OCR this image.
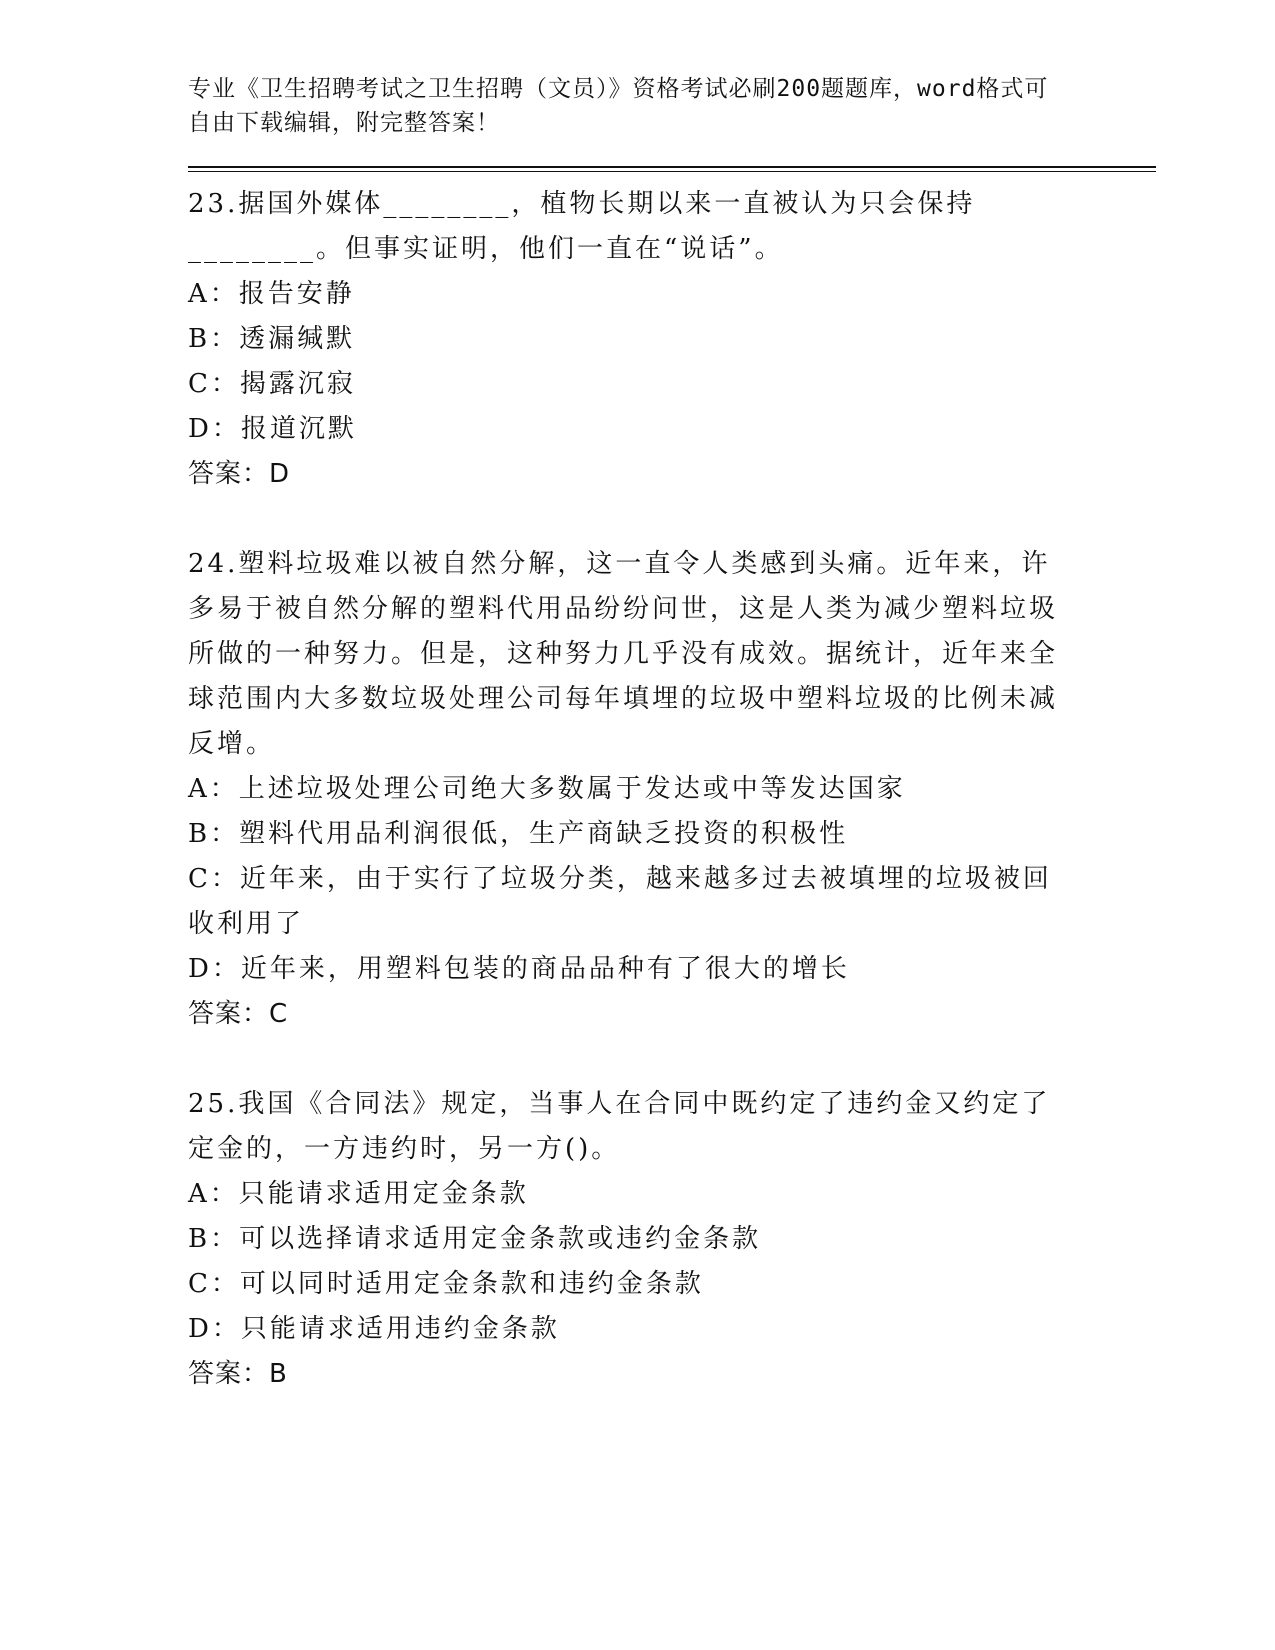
专业《卫生招聘考试之卫生招聘（文员）》资格考试必刷200题题库，word格式可自由下载编辑，附完整答案！

23.据国外媒体________，植物长期以来一直被认为只会保持________。但事实证明，他们一直在“说话”。

A：报告安静

B：透漏缄默

C：揭露沉寂

D：报道沉默

答案：D

24.塑料垃圾难以被自然分解，这一直令人类感到头痛。近年来，许多易于被自然分解的塑料代用品纷纷问世，这是人类为减少塑料垃圾所做的一种努力。但是，这种努力几乎没有成效。据统计，近年来全球范围内大多数垃圾处理公司每年填埋的垃圾中塑料垃圾的比例未减反增。

A：上述垃圾处理公司绝大多数属于发达或中等发达国家

B：塑料代用品利润很低，生产商缺乏投资的积极性

C：近年来，由于实行了垃圾分类，越来越多过去被填埋的垃圾被回收利用了

D：近年来，用塑料包装的商品品种有了很大的增长

答案：C

25.我国《合同法》规定，当事人在合同中既约定了违约金又约定了定金的，一方违约时，另一方()。

A：只能请求适用定金条款

B：可以选择请求适用定金条款或违约金条款

C：可以同时适用定金条款和违约金条款

D：只能请求适用违约金条款

答案：B
